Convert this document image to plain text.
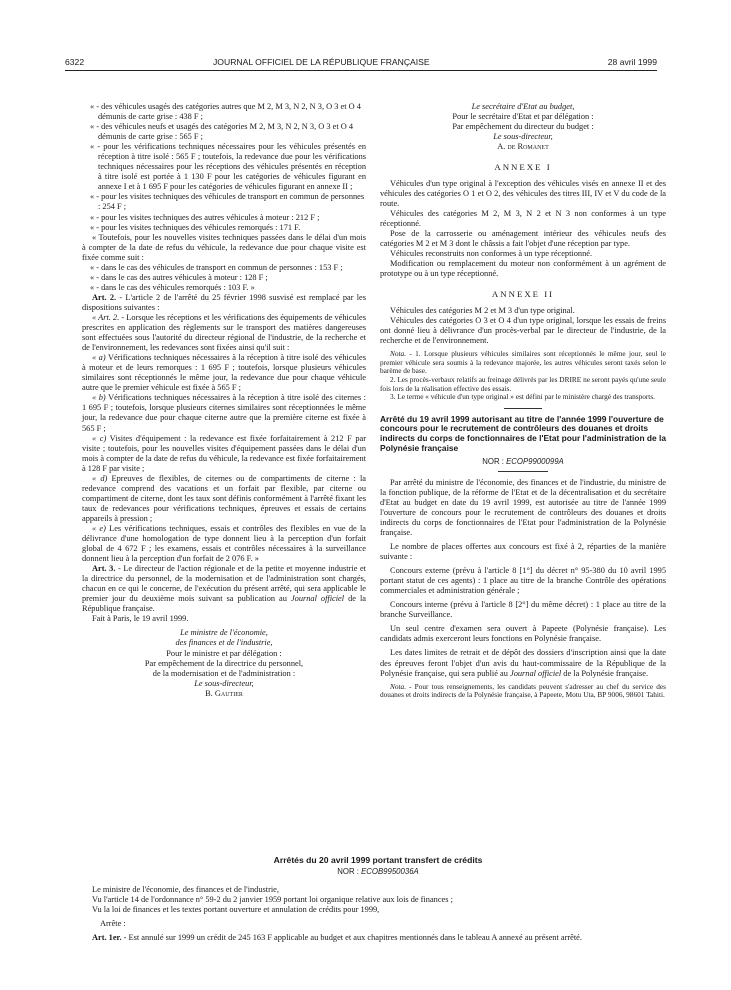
6322	JOURNAL OFFICIEL DE LA RÉPUBLIQUE FRANÇAISE	28 avril 1999

« - des véhicules usagés des catégories autres que M 2, M 3, N 2, N 3, O 3 et O 4 démunis de carte grise : 438 F ;

« - des véhicules neufs et usagés des catégories M 2, M 3, N 2, N 3, O 3 et O 4 démunis de carte grise : 565 F ;

« - pour les vérifications techniques nécessaires pour les véhicules présentés en réception à titre isolé : 565 F ; toutefois, la redevance due pour les vérifications techniques nécessaires pour les réceptions des véhicules présentés en réception à titre isolé est portée à 1 130 F pour les catégories de véhicules figurant en annexe I et à 1 695 F pour les catégories de véhicules figurant en annexe II ;

« - pour les visites techniques des véhicules de transport en commun de personnes : 254 F ;

« - pour les visites techniques des autres véhicules à moteur : 212 F ;

« - pour les visites techniques des véhicules remorqués : 171 F.

« Toutefois, pour les nouvelles visites techniques passées dans le délai d'un mois à compter de la date de refus du véhicule, la redevance due pour chaque visite est fixée comme suit :

« - dans le cas des véhicules de transport en commun de personnes : 153 F ;

« - dans le cas des autres véhicules à moteur : 128 F ;

« - dans le cas des véhicules remorqués : 103 F. »

Art. 2. - L'article 2 de l'arrêté du 25 février 1998 susvisé est remplacé par les dispositions suivantes :

« Art. 2. - Lorsque les réceptions et les vérifications des équipements de véhicules prescrites en application des règlements sur le transport des matières dangereuses sont effectuées sous l'autorité du directeur régional de l'industrie, de la recherche et de l'environnement, les redevances sont fixées ainsi qu'il suit :

« a) Vérifications techniques nécessaires à la réception à titre isolé des véhicules à moteur et de leurs remorques : 1 695 F ; toutefois, lorsque plusieurs véhicules similaires sont réceptionnés le même jour, la redevance due pour chaque véhicule autre que le premier véhicule est fixée à 565 F ;

« b) Vérifications techniques nécessaires à la réception à titre isolé des citernes : 1 695 F ; toutefois, lorsque plusieurs citernes similaires sont réceptionnées le même jour, la redevance due pour chaque citerne autre que la première citerne est fixée à 565 F ;

« c) Visites d'équipement : la redevance est fixée forfaitairement à 212 F par visite ; toutefois, pour les nouvelles visites d'équipement passées dans le délai d'un mois à compter de la date de refus du véhicule, la redevance est fixée forfaitairement à 128 F par visite ;

« d) Epreuves de flexibles, de citernes ou de compartiments de citerne : la redevance comprend des vacations et un forfait par flexible, par citerne ou compartiment de citerne, dont les taux sont définis conformément à l'arrêté fixant les taux de redevances pour vérifications techniques, épreuves et essais de certains appareils à pression ;

« e) Les vérifications techniques, essais et contrôles des flexibles en vue de la délivrance d'une homologation de type donnent lieu à la perception d'un forfait global de 4 672 F ; les examens, essais et contrôles nécessaires à la surveillance donnent lieu à la perception d'un forfait de 2 076 F. »

Art. 3. - Le directeur de l'action régionale et de la petite et moyenne industrie et la directrice du personnel, de la modernisation et de l'administration sont chargés, chacun en ce qui le concerne, de l'exécution du présent arrêté, qui sera applicable le premier jour du deuxième mois suivant sa publication au Journal officiel de la République française.

Fait à Paris, le 19 avril 1999.

Le ministre de l'économie,

des finances et de l'industrie,

Pour le ministre et par délégation :

Par empêchement de la directrice du personnel,

de la modernisation et de l'administration :

Le sous-directeur,

B. Gautier

Le secrétaire d'Etat au budget,

Pour le secrétaire d'Etat et par délégation :

Par empêchement du directeur du budget :

Le sous-directeur,

A. de Romanet

ANNEXE I

Véhicules d'un type original à l'exception des véhicules visés en annexe II et des véhicules des catégories O 1 et O 2, des véhicules des titres III, IV et V du code de la route.

Véhicules des catégories M 2, M 3, N 2 et N 3 non conformes à un type réceptionné.

Pose de la carrosserie ou aménagement intérieur des véhicules neufs des catégories M 2 et M 3 dont le châssis a fait l'objet d'une réception par type.

Véhicules reconstruits non conformes à un type réceptionné.

Modification ou remplacement du moteur non conformément à un agrément de prototype ou à un type réceptionné.

ANNEXE II

Véhicules des catégories M 2 et M 3 d'un type original.

Véhicules des catégories O 3 et O 4 d'un type original, lorsque les essais de freins ont donné lieu à délivrance d'un procès-verbal par le directeur de l'industrie, de la recherche et de l'environnement.

Nota. - 1. Lorsque plusieurs véhicules similaires sont réceptionnés le même jour, seul le premier véhicule sera soumis à la redevance majorée, les autres véhicules seront taxés selon le barème de base.

2. Les procès-verbaux relatifs au freinage délivrés par les DRIRE ne seront payés qu'une seule fois lors de la réalisation effective des essais.

3. Le terme « véhicule d'un type original » est défini par le ministère chargé des transports.

Arrêté du 19 avril 1999 autorisant au titre de l'année 1999 l'ouverture de concours pour le recrutement de contrôleurs des douanes et droits indirects du corps de fonctionnaires de l'Etat pour l'administration de la Polynésie française

NOR : ECOP9900099A

Par arrêté du ministre de l'économie, des finances et de l'industrie, du ministre de la fonction publique, de la réforme de l'Etat et de la décentralisation et du secrétaire d'Etat au budget en date du 19 avril 1999, est autorisée au titre de l'année 1999 l'ouverture de concours pour le recrutement de contrôleurs des douanes et droits indirects du corps de fonctionnaires de l'Etat pour l'administration de la Polynésie française.

Le nombre de places offertes aux concours est fixé à 2, réparties de la manière suivante :

Concours externe (prévu à l'article 8 [1°] du décret n° 95-380 du 10 avril 1995 portant statut de ces agents) : 1 place au titre de la branche Contrôle des opérations commerciales et administration générale ;

Concours interne (prévu à l'article 8 [2°] du même décret) : 1 place au titre de la branche Surveillance.

Un seul centre d'examen sera ouvert à Papeete (Polynésie française). Les candidats admis exerceront leurs fonctions en Polynésie française.

Les dates limites de retrait et de dépôt des dossiers d'inscription ainsi que la date des épreuves feront l'objet d'un avis du haut-commissaire de la République de la Polynésie française, qui sera publié au Journal officiel de la Polynésie française.

Nota. - Pour tous renseignements, les candidats peuvent s'adresser au chef du service des douanes et droits indirects de la Polynésie française, à Papeete, Motu Uta, BP 9006, 98601 Tahiti.

Arrêtés du 20 avril 1999 portant transfert de crédits

NOR : ECOB9950036A

Le ministre de l'économie, des finances et de l'industrie,

Vu l'article 14 de l'ordonnance n° 59-2 du 2 janvier 1959 portant loi organique relative aux lois de finances ;

Vu la loi de finances et les textes portant ouverture et annulation de crédits pour 1999,

Arrête :

Art. 1er. - Est annulé sur 1999 un crédit de 245 163 F applicable au budget et aux chapitres mentionnés dans le tableau A annexé au présent arrêté.
